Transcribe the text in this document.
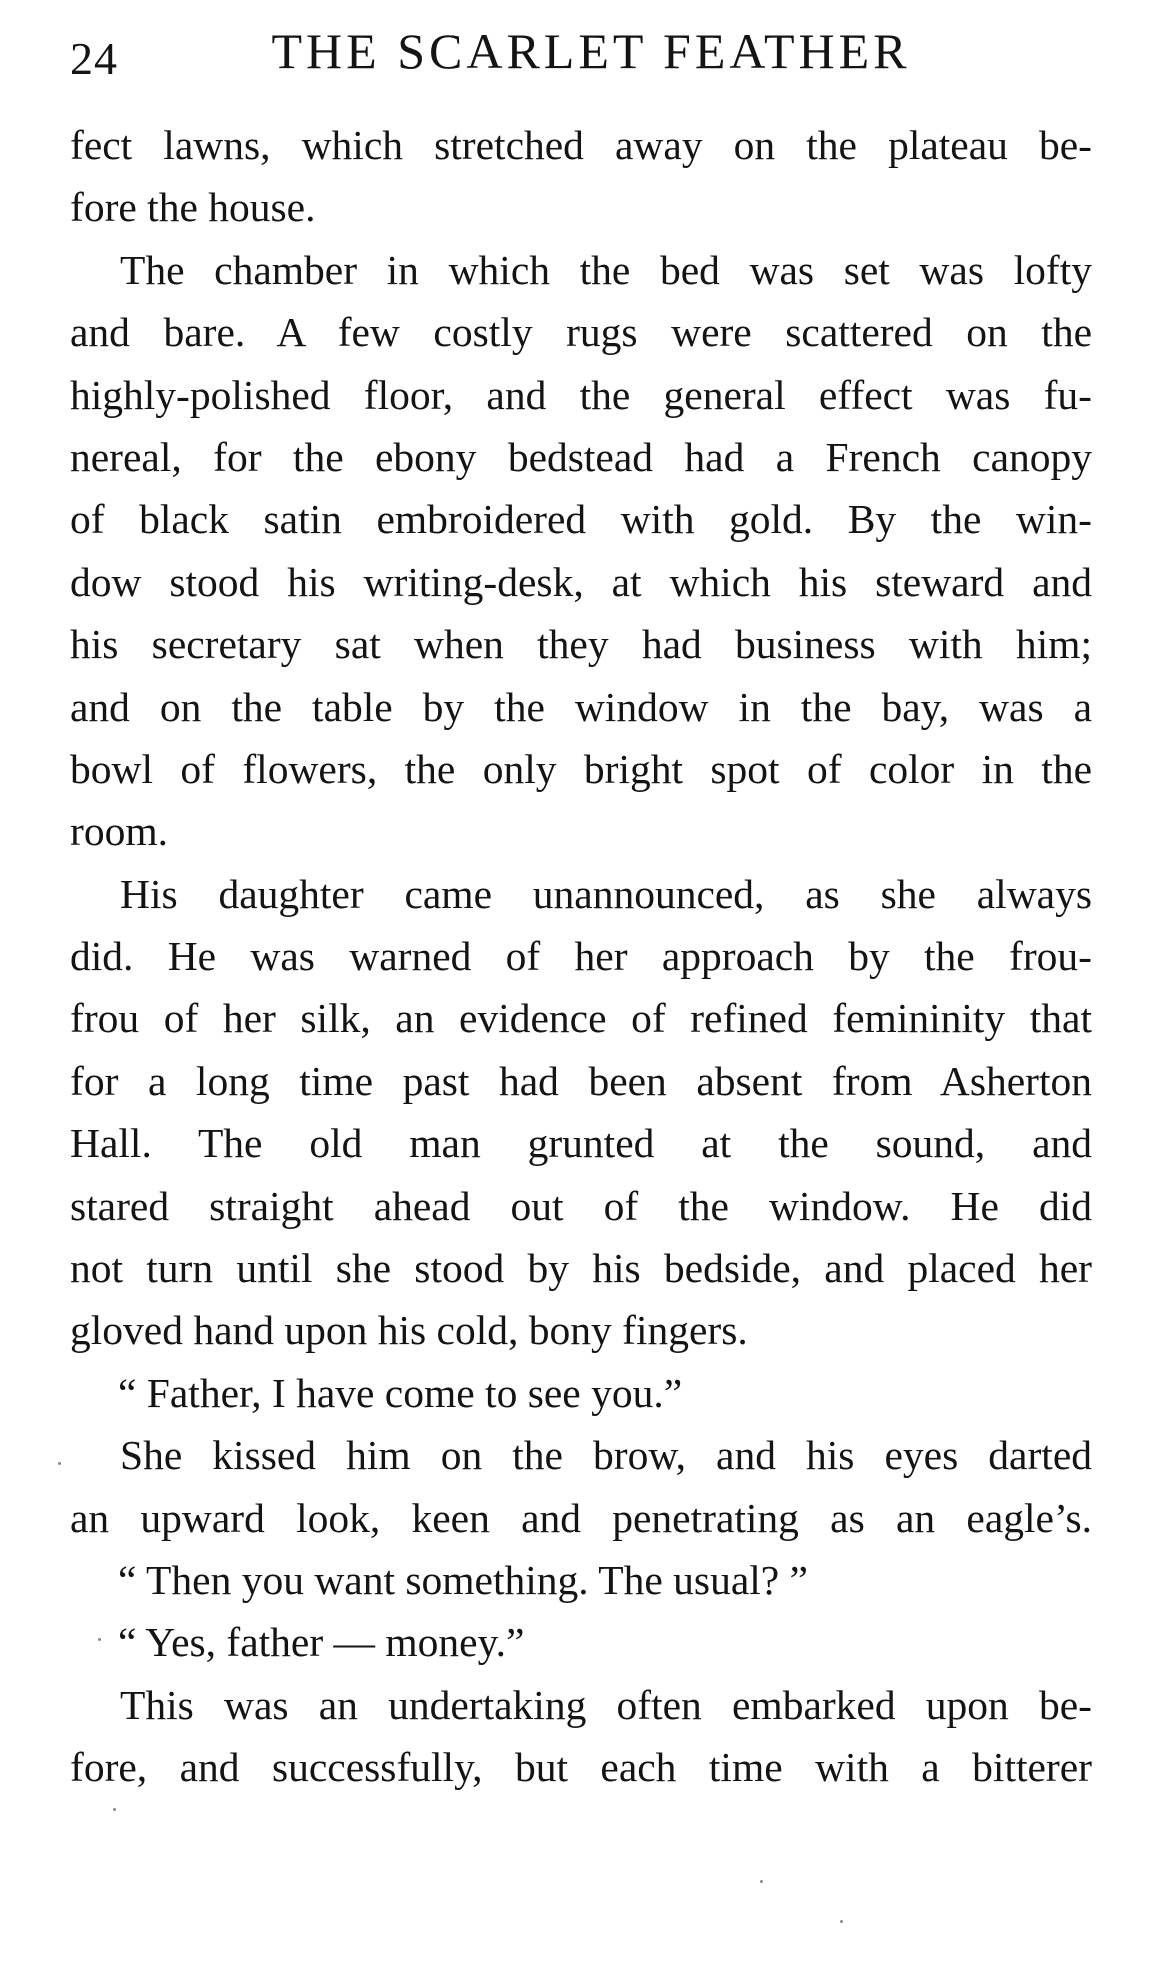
24	THE SCARLET FEATHER
fect lawns, which stretched away on the plateau be-
fore the house.
The chamber in which the bed was set was lofty
and bare. A few costly rugs were scattered on the
highly-polished floor, and the general effect was fu-
nereal, for the ebony bedstead had a French canopy
of black satin embroidered with gold. By the win-
dow stood his writing-desk, at which his steward and
his secretary sat when they had business with him;
and on the table by the window in the bay, was a
bowl of flowers, the only bright spot of color in the
room.
His daughter came unannounced, as she always
did. He was warned of her approach by the frou-
frou of her silk, an evidence of refined femininity that
for a long time past had been absent from Asherton
Hall. The old man grunted at the sound, and
stared straight ahead out of the window. He did
not turn until she stood by his bedside, and placed her
gloved hand upon his cold, bony fingers.
“ Father, I have come to see you.”
She kissed him on the brow, and his eyes darted
an upward look, keen and penetrating as an eagle’s.
“ Then you want something. The usual? ”
“ Yes, father — money.”
This was an undertaking often embarked upon be-
fore, and successfully, but each time with a bitterer
